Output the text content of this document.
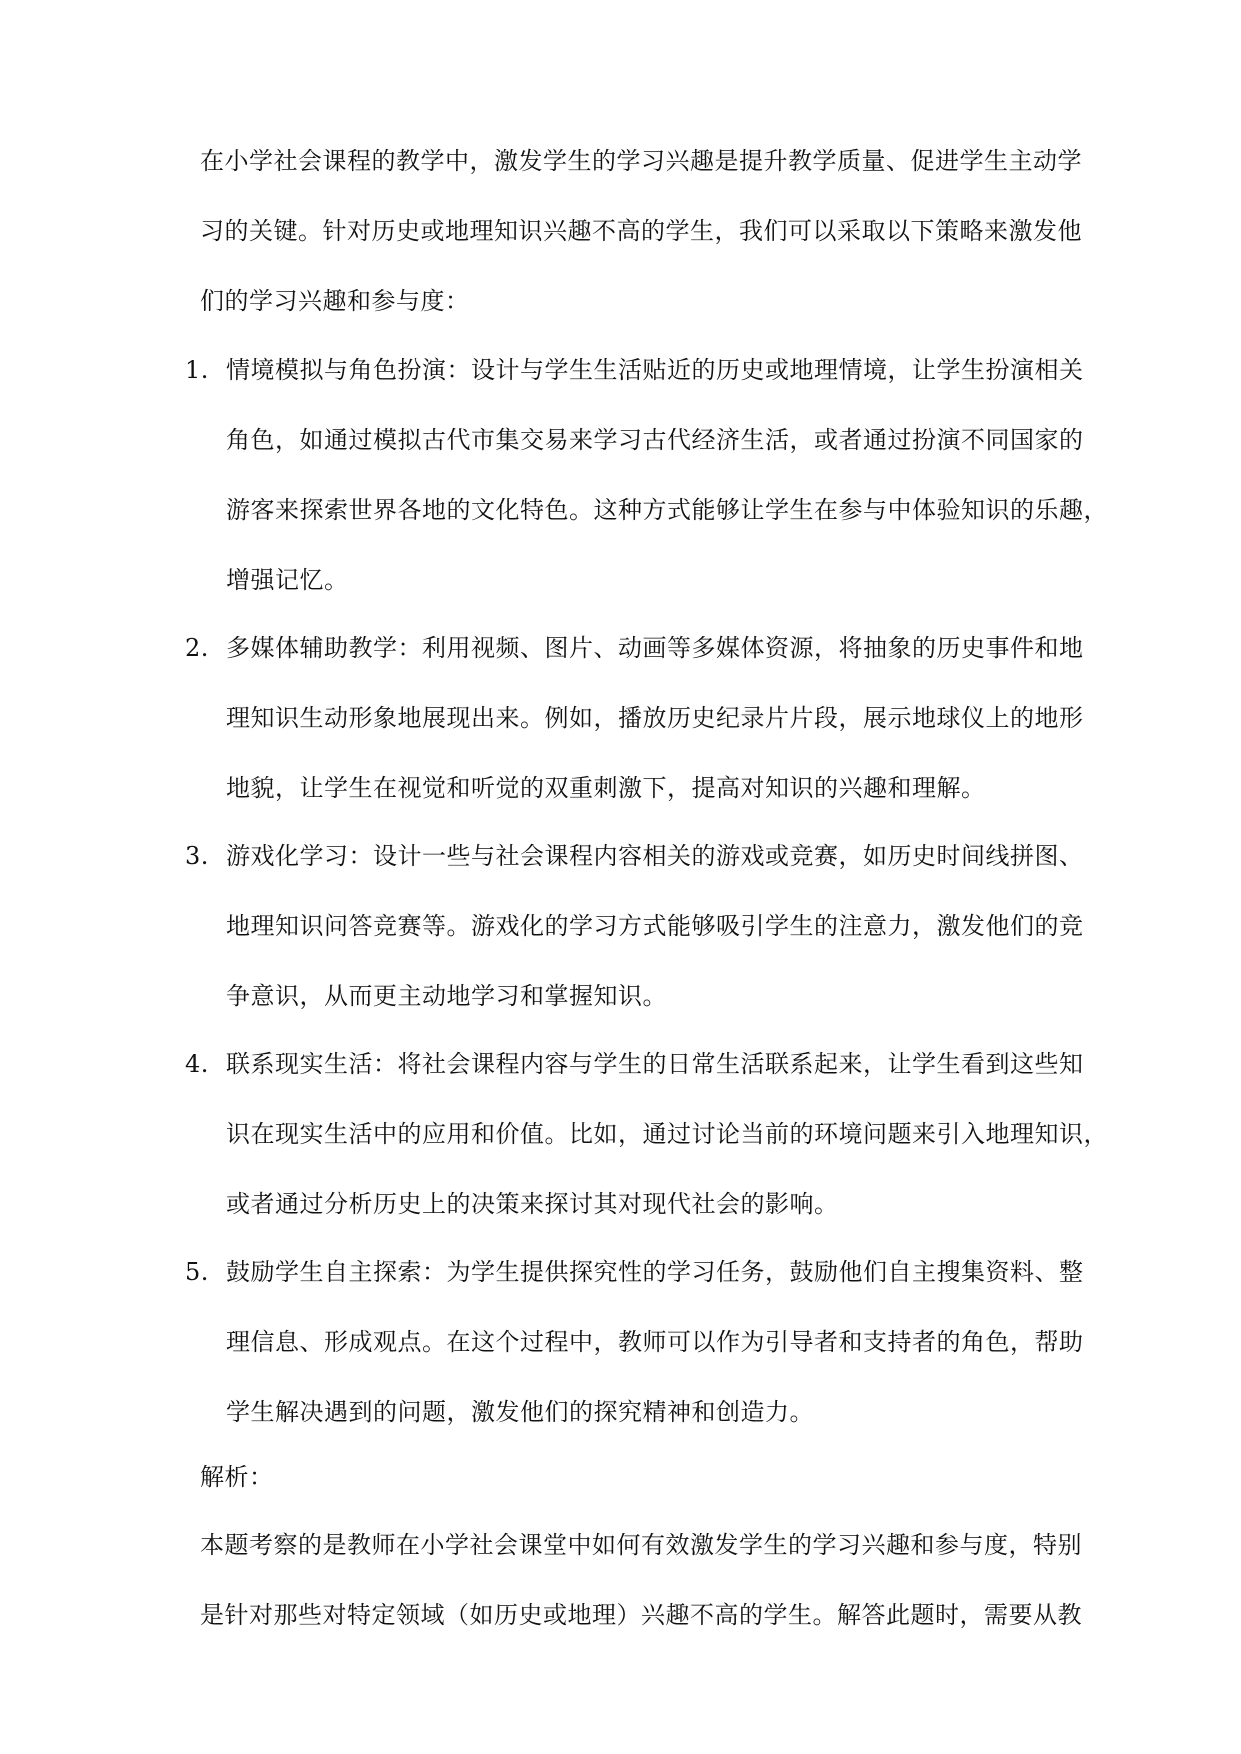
在小学社会课程的教学中，激发学生的学习兴趣是提升教学质量、促进学生主动学
习的关键。针对历史或地理知识兴趣不高的学生，我们可以采取以下策略来激发他
们的学习兴趣和参与度：
1. 情境模拟与角色扮演：设计与学生生活贴近的历史或地理情境，让学生扮演相关
角色，如通过模拟古代市集交易来学习古代经济生活，或者通过扮演不同国家的
游客来探索世界各地的文化特色。这种方式能够让学生在参与中体验知识的乐趣，
增强记忆。
2. 多媒体辅助教学：利用视频、图片、动画等多媒体资源，将抽象的历史事件和地
理知识生动形象地展现出来。例如，播放历史纪录片片段，展示地球仪上的地形
地貌，让学生在视觉和听觉的双重刺激下，提高对知识的兴趣和理解。
3. 游戏化学习：设计一些与社会课程内容相关的游戏或竞赛，如历史时间线拼图、
地理知识问答竞赛等。游戏化的学习方式能够吸引学生的注意力，激发他们的竞
争意识，从而更主动地学习和掌握知识。
4. 联系现实生活：将社会课程内容与学生的日常生活联系起来，让学生看到这些知
识在现实生活中的应用和价值。比如，通过讨论当前的环境问题来引入地理知识，
或者通过分析历史上的决策来探讨其对现代社会的影响。
5. 鼓励学生自主探索：为学生提供探究性的学习任务，鼓励他们自主搜集资料、整
理信息、形成观点。在这个过程中，教师可以作为引导者和支持者的角色，帮助
学生解决遇到的问题，激发他们的探究精神和创造力。
解析：
本题考察的是教师在小学社会课堂中如何有效激发学生的学习兴趣和参与度，特别
是针对那些对特定领域（如历史或地理）兴趣不高的学生。解答此题时，需要从教
